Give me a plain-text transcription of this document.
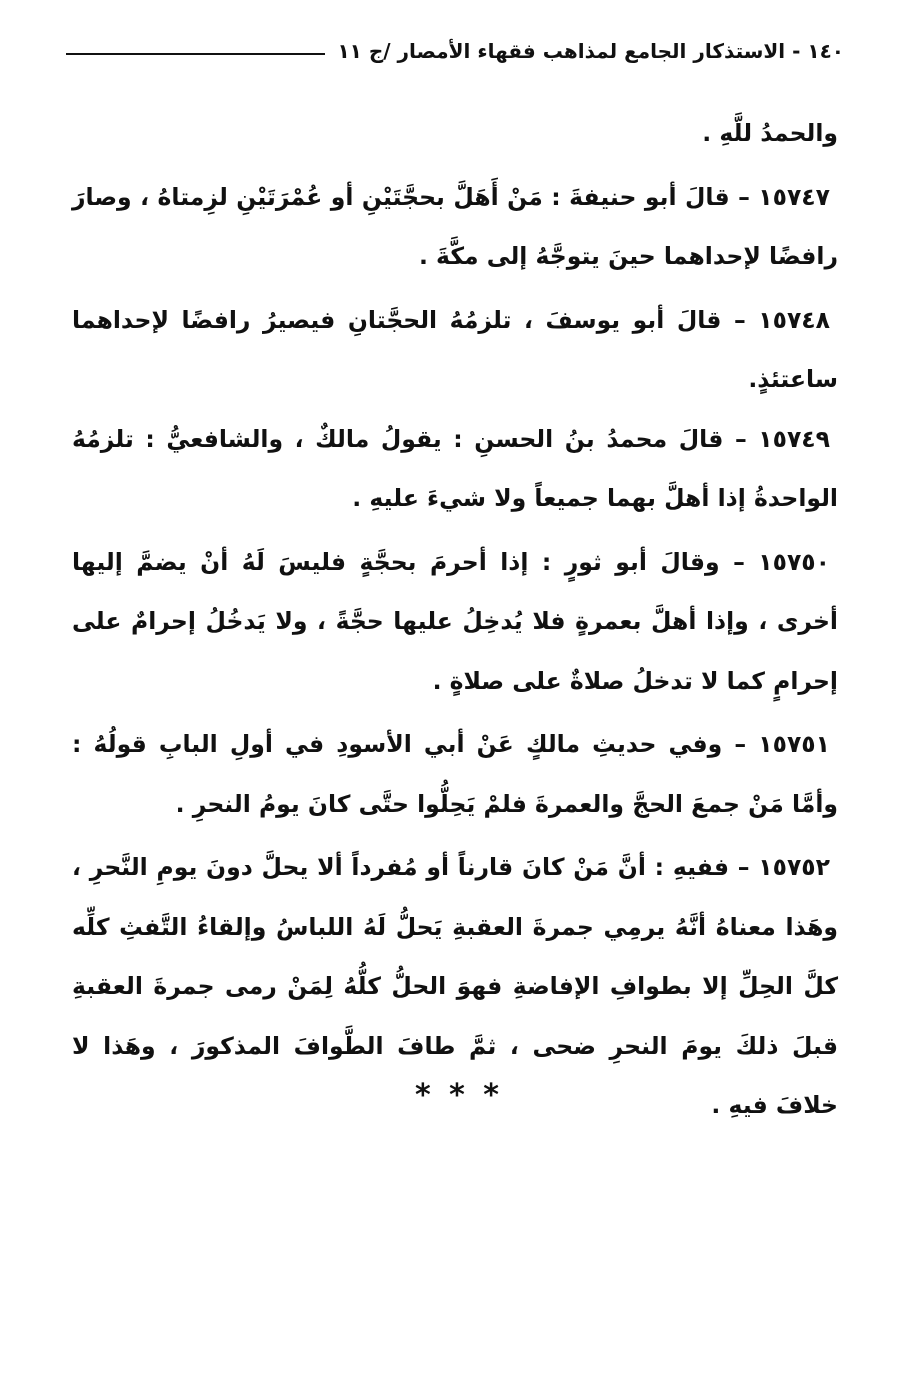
١٤٠ - الاستذكار الجامع لمذاهب فقهاء الأمصار /ج ١١

والحمدُ للَّهِ .

١٥٧٤٧ – قالَ أبو حنيفةَ : مَنْ أَهَلَّ بحجَّتَيْنِ أو عُمْرَتَيْنِ لزِمتاهُ ، وصارَ رافضًا لإحداهما حينَ يتوجَّهُ إلى مكَّةَ .

١٥٧٤٨ – قالَ أبو يوسفَ ، تلزمُهُ الحجَّتانِ فيصيرُ رافضًا لإحداهما ساعتئذٍ.

١٥٧٤٩ – قالَ محمدُ بنُ الحسنِ : يقولُ مالكٌ ، والشافعيُّ : تلزمُهُ الواحدةُ إذا أهلَّ بهما جميعاً ولا شيءَ عليهِ .

١٥٧٥٠ – وقالَ أبو ثورٍ : إذا أحرمَ بحجَّةٍ فليسَ لَهُ أنْ يضمَّ إليها أخرى ، وإذا أهلَّ بعمرةٍ فلا يُدخِلُ عليها حجَّةً ، ولا يَدخُلُ إحرامٌ على إحرامٍ كما لا تدخلُ صلاةٌ على صلاةٍ .

١٥٧٥١ – وفي حديثِ مالكٍ عَنْ أبي الأسودِ في أولِ البابِ قولُهُ : وأمَّا مَنْ جمعَ الحجَّ والعمرةَ فلمْ يَحِلُّوا حتَّى كانَ يومُ النحرِ .

١٥٧٥٢ – ففيهِ : أنَّ مَنْ كانَ قارناً أو مُفرداً ألا يحلَّ دونَ يومِ النَّحرِ ، وهَذا معناهُ أنَّهُ يرمِي جمرةَ العقبةِ يَحلُّ لَهُ اللباسُ وإلقاءُ التَّفثِ كلِّه كلَّ الحِلِّ إلا بطوافِ الإفاضةِ فهوَ الحلُّ كلُّهُ لِمَنْ رمى جمرةَ العقبةِ قبلَ ذلكَ يومَ النحرِ ضحى ، ثمَّ طافَ الطَّوافَ المذكورَ ، وهَذا لا خلافَ فيهِ .

* * *
